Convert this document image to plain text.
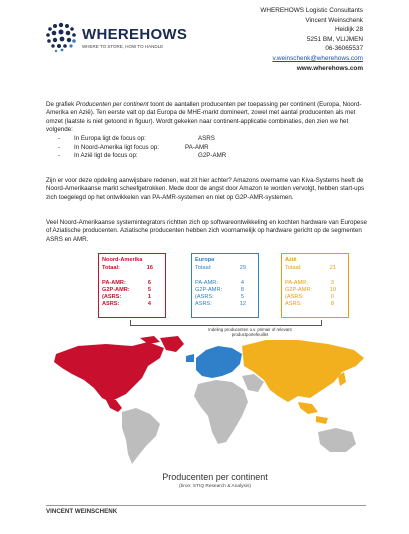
WHEREHOWS
WHERE TO STORE, HOW TO HANDLE
WHEREHOWS Logistic Consultants
Vincent Weinschenk
Heidijk 28
5251 BM, VLIJMEN
06-36065537
v.weinschenk@wherehows.com
www.wherehows.com
De grafiek Producenten per continent toont de aantallen producenten per toepassing per continent (Europa, Noord-Amerika en Azië). Ten eerste valt op dat Europa de MHE-markt domineert, zowel met aantal producenten als met omzet (laatste is niet getoond in figuur). Wordt gekeken naar continent-applicatie combinaties, den zien we het volgende:
- In Europa ligt de focus op:	ASRS
- In Noord-Amerika ligt focus op:	PA-AMR
- In Azië ligt de focus op:	G2P-AMR
Zijn er voor deze opdeling aanwijsbare redenen, wat zit hier achter? Amazons overname van Kiva-Systems heeft de Noord-Amerikaanse markt scheefgetrokken. Mede door de angst door Amazon te worden vervolgt, hebben start-ups zich toegelegd op het ontwikkelen van PA-AMR-systemen en niet op G2P-AMR-systemen.
Veel Noord-Amerikaanse systemintegrators richtten zich op softwareontwikkeling en kochten hardware van Europese of Aziatische producenten. Aziatische producenten hebben zich voornamelijk op hardware gericht op de segmenten ASRS en AMR.
Noord-Amerika
Totaal:	16
PA-AMR:	6
G2P-AMR:	5
(ASRS:	1
ASRS:	4
Europa
Totaal:	29
PA-AMR:	4
G2P-AMR:	8
(ASRS:	5
ASRS:	12
Azië
Totaal:	21
PA-AMR:	3
G2P-AMR:	10
(ASRS:	0
ASRS:	8
Indeling producenten o.v. primair of relevant productportefeuillet
Producenten per continent
(bron: STIQ Research & Analysis)
VINCENT WEINSCHENK
